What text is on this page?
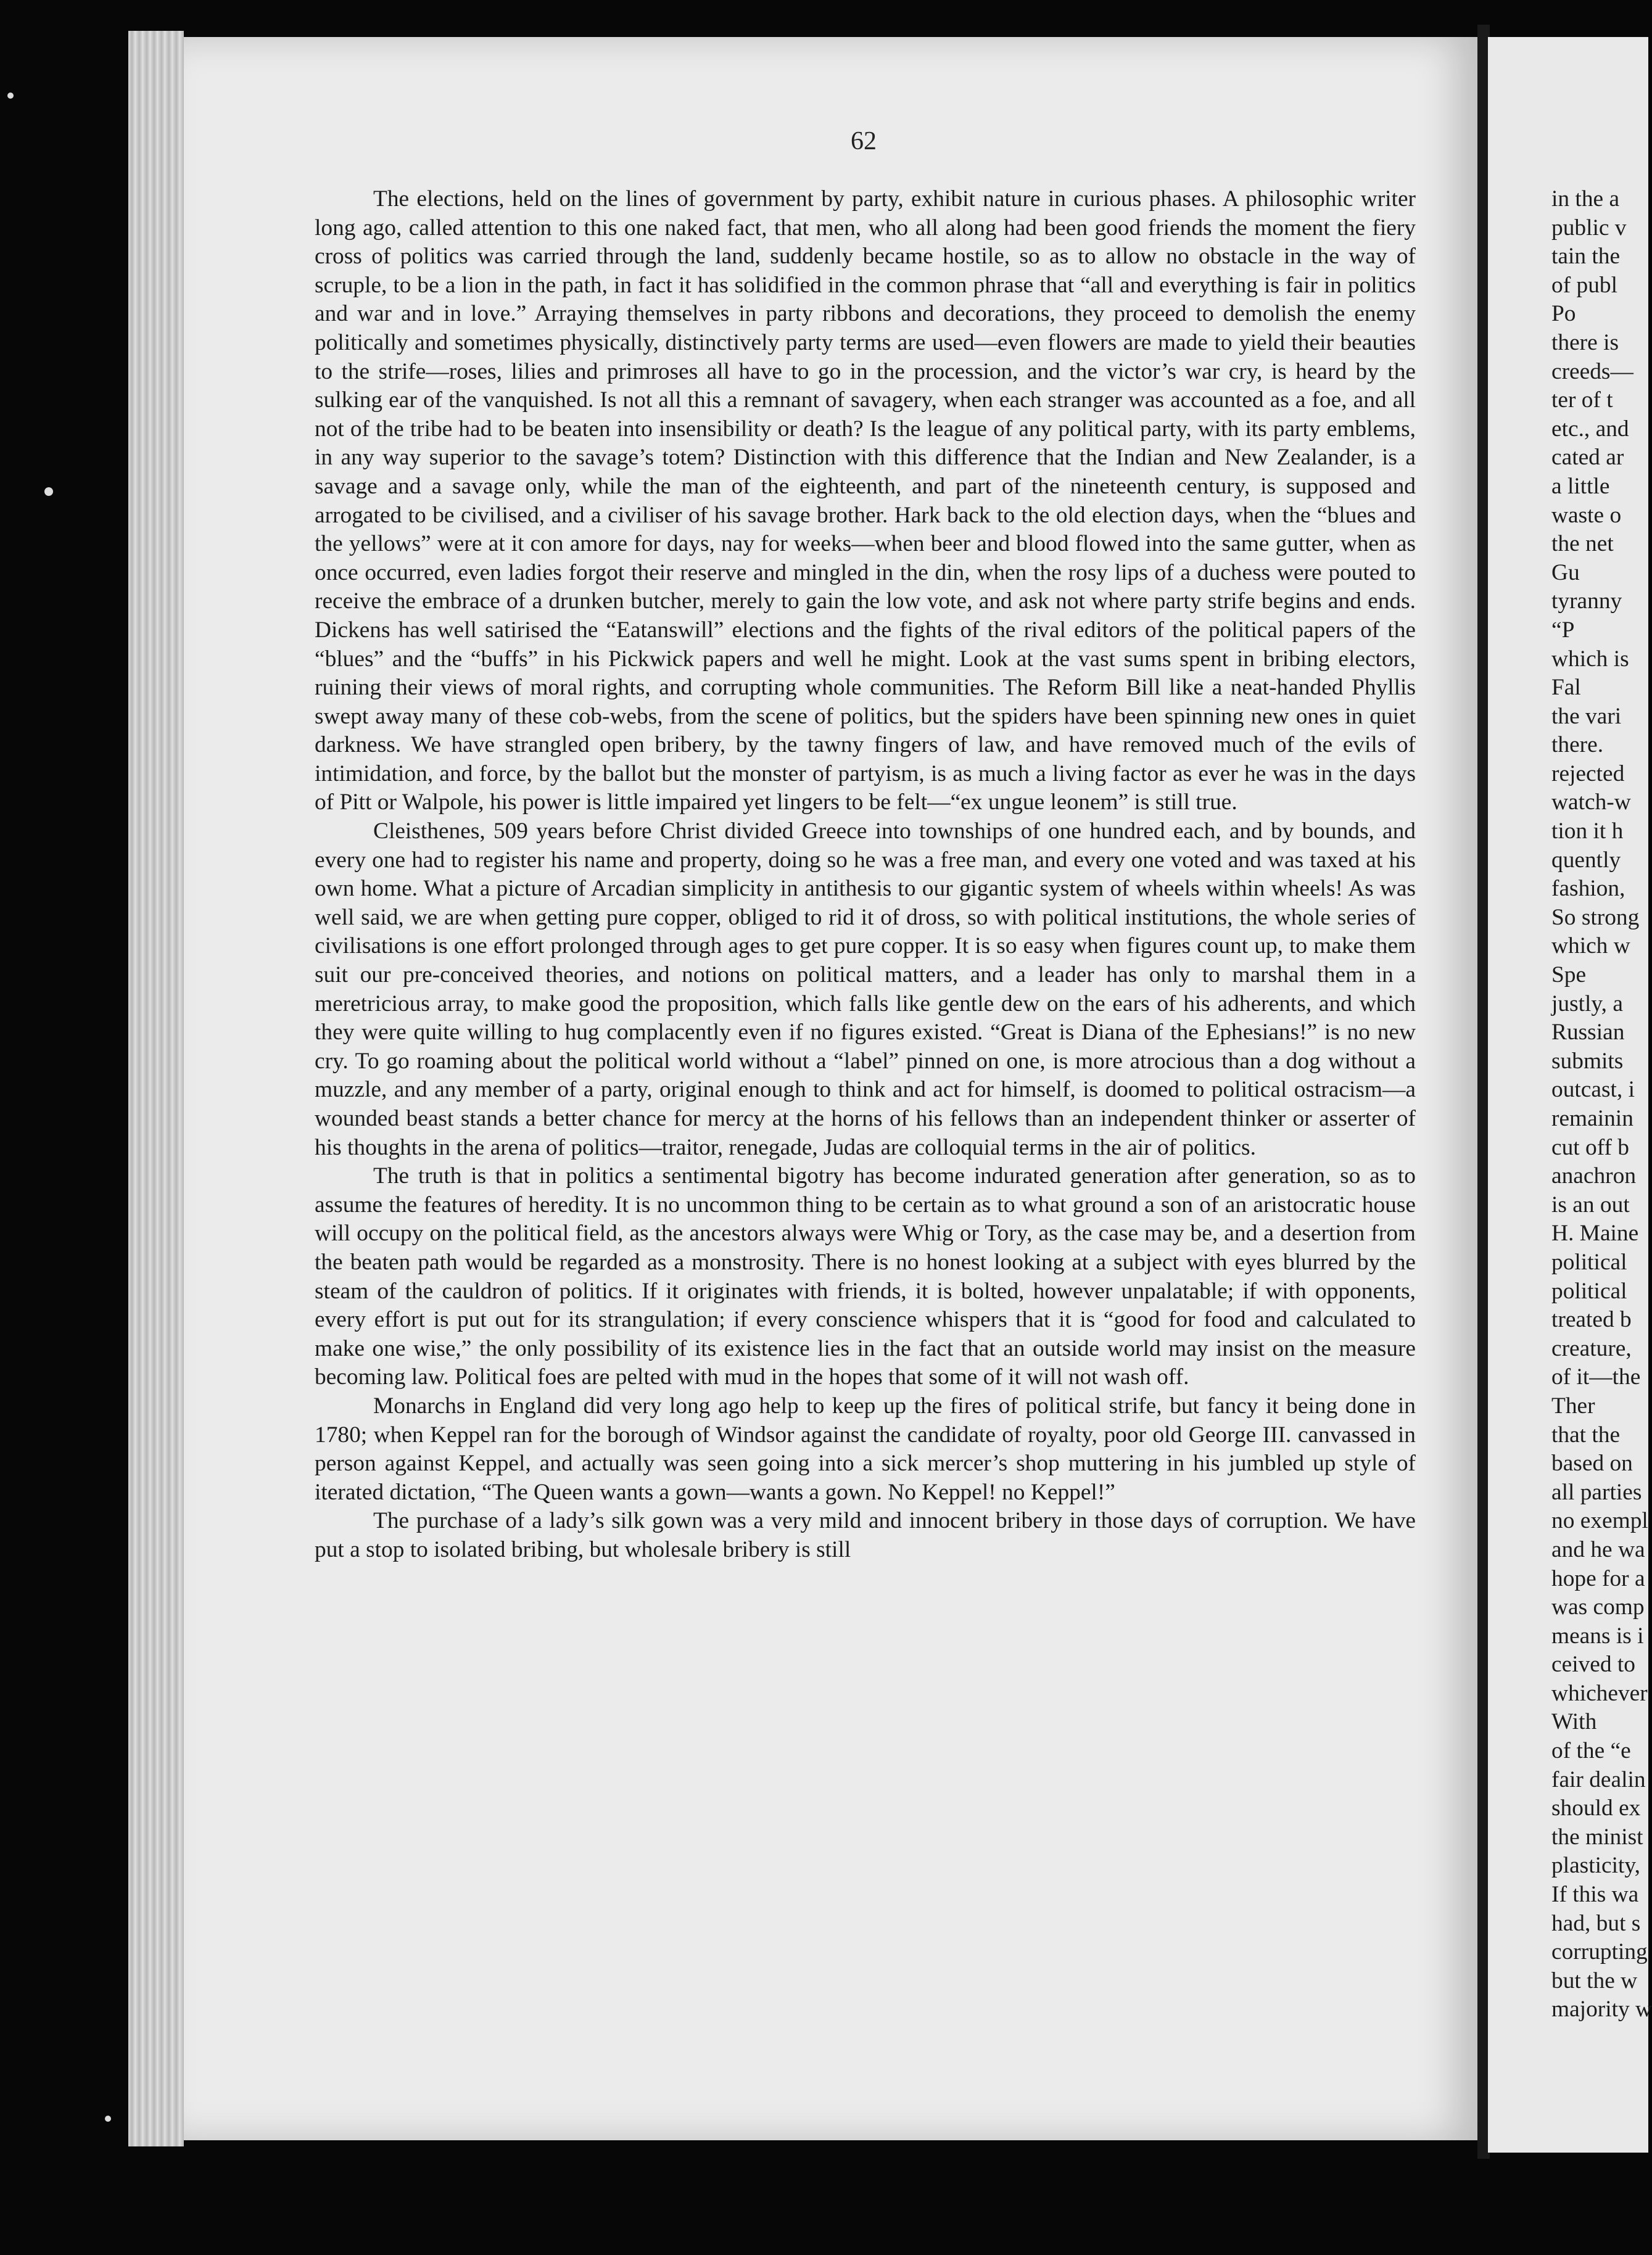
62

The elections, held on the lines of government by party, exhibit nature in curious phases. A philosophic writer long ago, called attention to this one naked fact, that men, who all along had been good friends the moment the fiery cross of politics was carried through the land, suddenly became hostile, so as to allow no obstacle in the way of scruple, to be a lion in the path, in fact it has solidified in the common phrase that “all and everything is fair in politics and war and in love.” Arraying themselves in party ribbons and decorations, they proceed to demolish the enemy politically and sometimes physically, distinctively party terms are used—even flowers are made to yield their beauties to the strife—roses, lilies and primroses all have to go in the procession, and the victor’s war cry, is heard by the sulking ear of the vanquished. Is not all this a remnant of savagery, when each stranger was accounted as a foe, and all not of the tribe had to be beaten into insensibility or death? Is the league of any political party, with its party emblems, in any way superior to the savage’s totem? Distinction with this difference that the Indian and New Zealander, is a savage and a savage only, while the man of the eighteenth, and part of the nineteenth century, is supposed and arrogated to be civilised, and a civiliser of his savage brother. Hark back to the old election days, when the “blues and the yellows” were at it con amore for days, nay for weeks—when beer and blood flowed into the same gutter, when as once occurred, even ladies forgot their reserve and mingled in the din, when the rosy lips of a duchess were pouted to receive the embrace of a drunken butcher, merely to gain the low vote, and ask not where party strife begins and ends. Dickens has well satirised the “Eatanswill” elections and the fights of the rival editors of the political papers of the “blues” and the “buffs” in his Pickwick papers and well he might. Look at the vast sums spent in bribing electors, ruining their views of moral rights, and corrupting whole communities. The Reform Bill like a neat-handed Phyllis swept away many of these cob-webs, from the scene of politics, but the spiders have been spinning new ones in quiet darkness. We have strangled open bribery, by the tawny fingers of law, and have removed much of the evils of intimidation, and force, by the ballot but the monster of partyism, is as much a living factor as ever he was in the days of Pitt or Walpole, his power is little impaired yet lingers to be felt—“ex ungue leonem” is still true.

Cleisthenes, 509 years before Christ divided Greece into townships of one hundred each, and by bounds, and every one had to register his name and property, doing so he was a free man, and every one voted and was taxed at his own home. What a picture of Arcadian simplicity in antithesis to our gigantic system of wheels within wheels! As was well said, we are when getting pure copper, obliged to rid it of dross, so with political institutions, the whole series of civilisations is one effort prolonged through ages to get pure copper. It is so easy when figures count up, to make them suit our pre-conceived theories, and notions on political matters, and a leader has only to marshal them in a meretricious array, to make good the proposition, which falls like gentle dew on the ears of his adherents, and which they were quite willing to hug complacently even if no figures existed. “Great is Diana of the Ephesians!” is no new cry. To go roaming about the political world without a “label” pinned on one, is more atrocious than a dog without a muzzle, and any member of a party, original enough to think and act for himself, is doomed to political ostracism—a wounded beast stands a better chance for mercy at the horns of his fellows than an independent thinker or asserter of his thoughts in the arena of politics—traitor, renegade, Judas are colloquial terms in the air of politics.

The truth is that in politics a sentimental bigotry has become indurated generation after generation, so as to assume the features of heredity. It is no uncommon thing to be certain as to what ground a son of an aristocratic house will occupy on the political field, as the ancestors always were Whig or Tory, as the case may be, and a desertion from the beaten path would be regarded as a monstrosity. There is no honest looking at a subject with eyes blurred by the steam of the cauldron of politics. If it originates with friends, it is bolted, however unpalatable; if with opponents, every effort is put out for its strangulation; if every conscience whispers that it is “good for food and calculated to make one wise,” the only possibility of its existence lies in the fact that an outside world may insist on the measure becoming law. Political foes are pelted with mud in the hopes that some of it will not wash off.

Monarchs in England did very long ago help to keep up the fires of political strife, but fancy it being done in 1780; when Keppel ran for the borough of Windsor against the candidate of royalty, poor old George III. canvassed in person against Keppel, and actually was seen going into a sick mercer’s shop muttering in his jumbled up style of iterated dictation, “The Queen wants a gown—wants a gown. No Keppel! no Keppel!”

The purchase of a lady’s silk gown was a very mild and innocent bribery in those days of corruption. We have put a stop to isolated bribing, but wholesale bribery is still

in the a
public v
tain the
of publ
Po
there is
creeds—
ter of t
etc., and
cated ar
a little
waste o
the net
Gu
tyranny
“P
which is
Fal
the vari
there.
rejected
watch-w
tion it h
quently
fashion,
So strong
which w
Spe
justly, a
Russian
submits
outcast, i
remainin
cut off b
anachron
is an out
H. Maine
political
political
treated b
creature,
of it—the
Ther
that the
based on
all parties
no exempl
and he wa
hope for a
was comp
means is i
ceived to
whichever
With
of the “e
fair dealin
should ex
the minist
plasticity,
If this wa
had, but s
corrupting
but the w
majority w
